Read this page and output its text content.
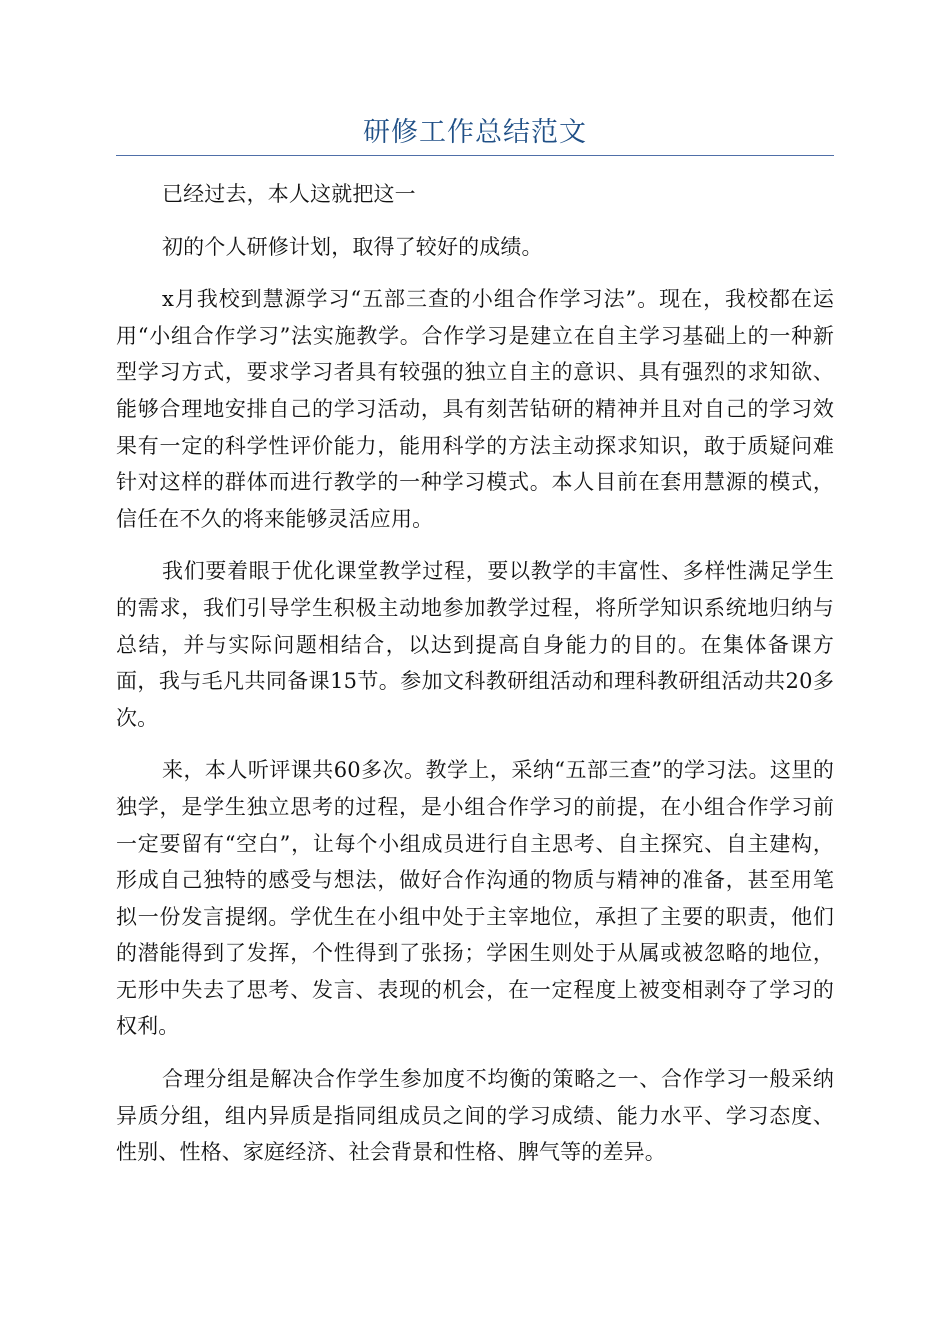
研修工作总结范文

已经过去，本人这就把这一

初的个人研修计划，取得了较好的成绩。

x月我校到慧源学习“五部三查的小组合作学习法”。现在，我校都在运用“小组合作学习”法实施教学。合作学习是建立在自主学习基础上的一种新型学习方式，要求学习者具有较强的独立自主的意识、具有强烈的求知欲、能够合理地安排自己的学习活动，具有刻苦钻研的精神并且对自己的学习效果有一定的科学性评价能力，能用科学的方法主动探求知识，敢于质疑问难针对这样的群体而进行教学的一种学习模式。本人目前在套用慧源的模式，信任在不久的将来能够灵活应用。

我们要着眼于优化课堂教学过程，要以教学的丰富性、多样性满足学生的需求，我们引导学生积极主动地参加教学过程，将所学知识系统地归纳与总结，并与实际问题相结合，以达到提高自身能力的目的。在集体备课方面，我与毛凡共同备课15节。参加文科教研组活动和理科教研组活动共20多次。

来，本人听评课共60多次。教学上，采纳“五部三查”的学习法。这里的独学，是学生独立思考的过程，是小组合作学习的前提，在小组合作学习前一定要留有“空白”，让每个小组成员进行自主思考、自主探究、自主建构，形成自己独特的感受与想法，做好合作沟通的物质与精神的准备，甚至用笔拟一份发言提纲。学优生在小组中处于主宰地位，承担了主要的职责，他们的潜能得到了发挥，个性得到了张扬；学困生则处于从属或被忽略的地位，无形中失去了思考、发言、表现的机会，在一定程度上被变相剥夺了学习的权利。

合理分组是解决合作学生参加度不均衡的策略之一、合作学习一般采纳异质分组，组内异质是指同组成员之间的学习成绩、能力水平、学习态度、性别、性格、家庭经济、社会背景和性格、脾气等的差异。
